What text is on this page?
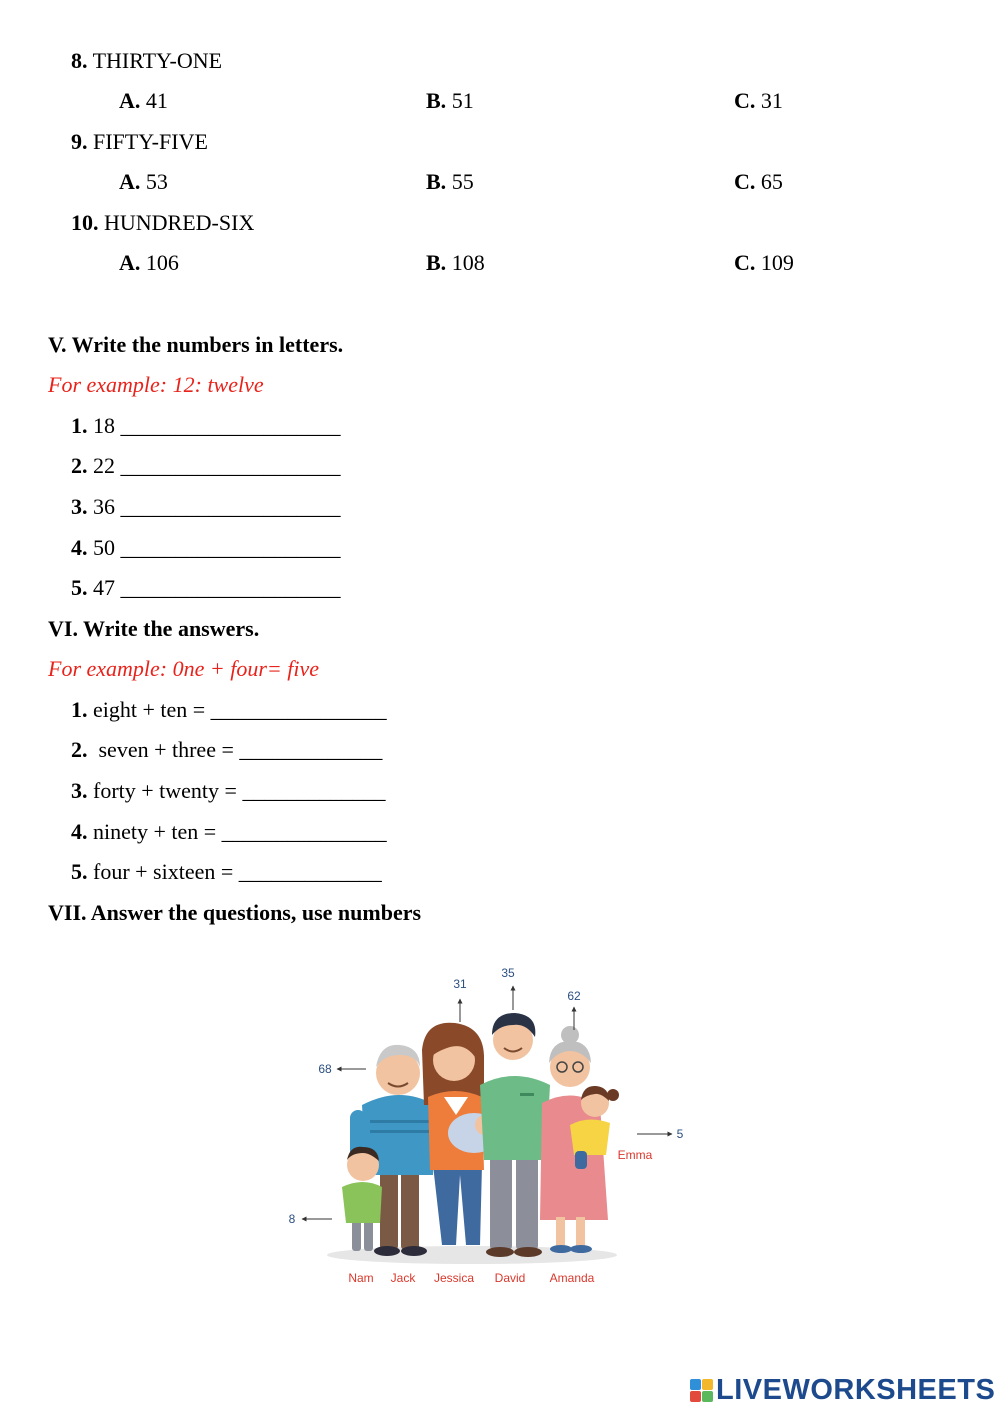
8. THIRTY-ONE
A. 41	B. 51	C. 31
9. FIFTY-FIVE
A. 53	B. 55	C. 65
10. HUNDRED-SIX
A. 106	B. 108	C. 109
V. Write the numbers in letters.
For example: 12: twelve
1. 18 ____________________
2. 22 ____________________
3. 36 ____________________
4. 50 ____________________
5. 47 ____________________
VI. Write the answers.
For example: 0ne + four= five
1. eight + ten = ________________
2.  seven + three = _____________
3. forty + twenty = _____________
4. ninety + ten = _______________
5. four + sixteen = _____________
VII. Answer the questions, use numbers
31
35
62
68
5
Emma
8
Nam Jack Jessica David Amanda
LIVEWORKSHEETS
